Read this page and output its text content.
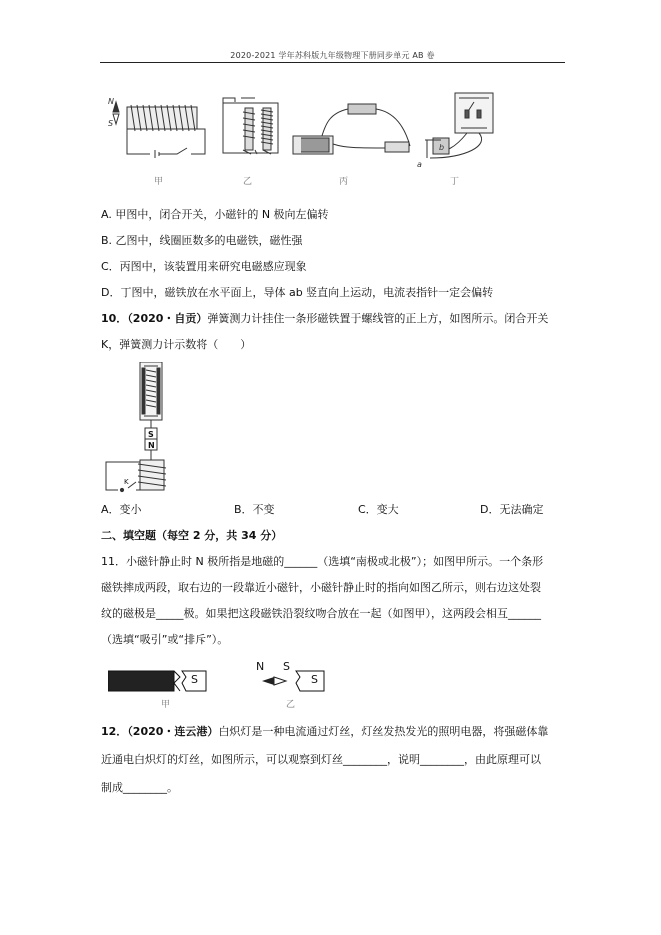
2020-2021 学年苏科版九年级物理下册同步单元 AB 卷
N
S
a
b
甲	乙	丙	丁
A. 甲图中，闭合开关，小磁针的 N 极向左偏转
B. 乙图中，线圈匝数多的电磁铁，磁性强
C．丙图中，该装置用来研究电磁感应现象
D．丁图中，磁铁放在水平面上，导体 ab 竖直向上运动，电流表指针一定会偏转
10．（2020・自贡）弹簧测力计挂住一条形磁铁置于螺线管的正上方，如图所示。闭合开关
K，弹簧测力计示数将（　　）
S
N
K
A．变小	B．不变	C．变大	D．无法确定
二、填空题（每空 2 分，共 34 分）
11．小磁针静止时 N 极所指是地磁的______（选填“南极或北极”）；如图甲所示。一个条形
磁铁摔成两段，取右边的一段靠近小磁针，小磁针静止时的指向如图乙所示，则右边这处裂
纹的磁极是_____极。如果把这段磁铁沿裂纹吻合放在一起（如图甲），这两段会相互______
（选填“吸引”或“排斥”）。
S
甲
N S
S
乙
12．（2020・连云港）白炽灯是一种电流通过灯丝，灯丝发热发光的照明电器，将强磁体靠
近通电白炽灯的灯丝，如图所示，可以观察到灯丝________，说明________，由此原理可以
制成________。
